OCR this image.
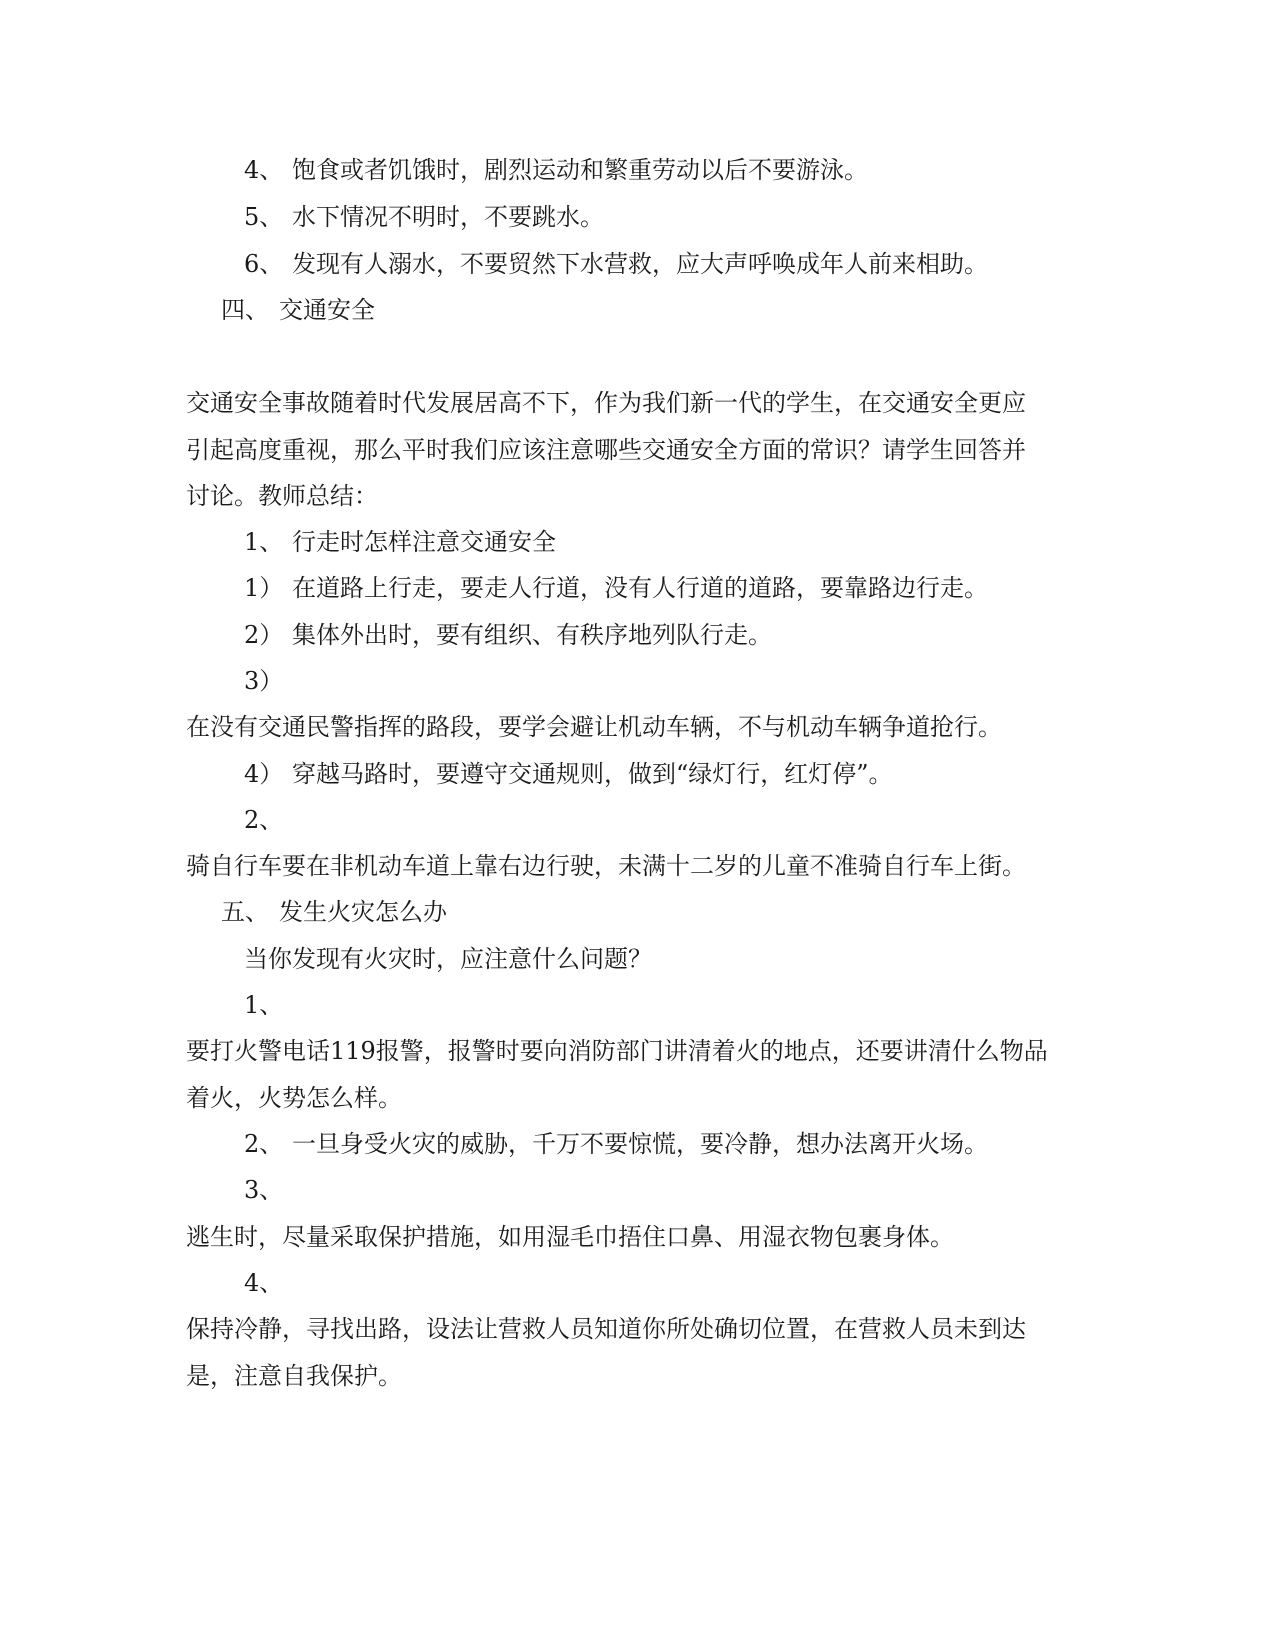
4、 饱食或者饥饿时，剧烈运动和繁重劳动以后不要游泳。
5、 水下情况不明时，不要跳水。
6、 发现有人溺水，不要贸然下水营救，应大声呼唤成年人前来相助。
四、 交通安全
交通安全事故随着时代发展居高不下，作为我们新一代的学生，在交通安全更应
引起高度重视，那么平时我们应该注意哪些交通安全方面的常识？请学生回答并
讨论。教师总结：
1、 行走时怎样注意交通安全
1） 在道路上行走，要走人行道，没有人行道的道路，要靠路边行走。
2） 集体外出时，要有组织、有秩序地列队行走。
3）
在没有交通民警指挥的路段，要学会避让机动车辆，不与机动车辆争道抢行。
4） 穿越马路时，要遵守交通规则，做到“绿灯行，红灯停”。
2、
骑自行车要在非机动车道上靠右边行驶，未满十二岁的儿童不准骑自行车上街。
五、 发生火灾怎么办
当你发现有火灾时，应注意什么问题？
1、
要打火警电话119报警，报警时要向消防部门讲清着火的地点，还要讲清什么物品
着火，火势怎么样。
2、 一旦身受火灾的威胁，千万不要惊慌，要冷静，想办法离开火场。
3、
逃生时，尽量采取保护措施，如用湿毛巾捂住口鼻、用湿衣物包裹身体。
4、
保持冷静，寻找出路，设法让营救人员知道你所处确切位置，在营救人员未到达
是，注意自我保护。
